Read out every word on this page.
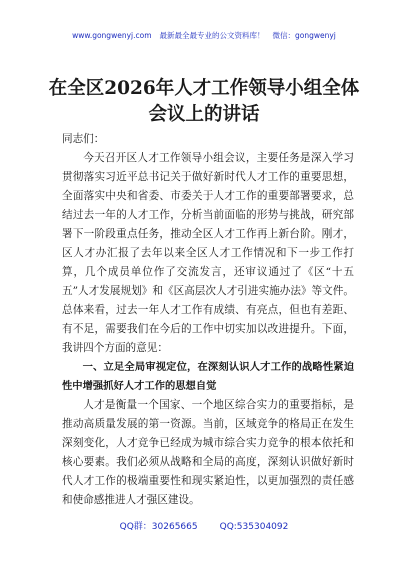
www.gongwenyj.com 最新最全最专业的公文资料库！ 微信：gongwenyj
在全区2026年人才工作领导小组全体会议上的讲话

同志们：

今天召开区人才工作领导小组会议，主要任务是深入学习贯彻落实习近平总书记关于做好新时代人才工作的重要思想，全面落实中央和省委、市委关于人才工作的重要部署要求，总结过去一年的人才工作，分析当前面临的形势与挑战，研究部署下一阶段重点任务，推动全区人才工作再上新台阶。刚才，区人才办汇报了去年以来全区人才工作情况和下一步工作打算，几个成员单位作了交流发言，还审议通过了《区“十五五”人才发展规划》和《区高层次人才引进实施办法》等文件。总体来看，过去一年人才工作有成绩、有亮点，但也有差距、有不足，需要我们在今后的工作中切实加以改进提升。下面，我讲四个方面的意见：

一、立足全局审视定位，在深刻认识人才工作的战略性紧迫性中增强抓好人才工作的思想自觉

人才是衡量一个国家、一个地区综合实力的重要指标，是推动高质量发展的第一资源。当前，区域竞争的格局正在发生深刻变化，人才竞争已经成为城市综合实力竞争的根本依托和核心要素。我们必须从战略和全局的高度，深刻认识做好新时代人才工作的极端重要性和现实紧迫性，以更加强烈的责任感和使命感推进人才强区建设。

QQ群：30265665 QQ:535304092
